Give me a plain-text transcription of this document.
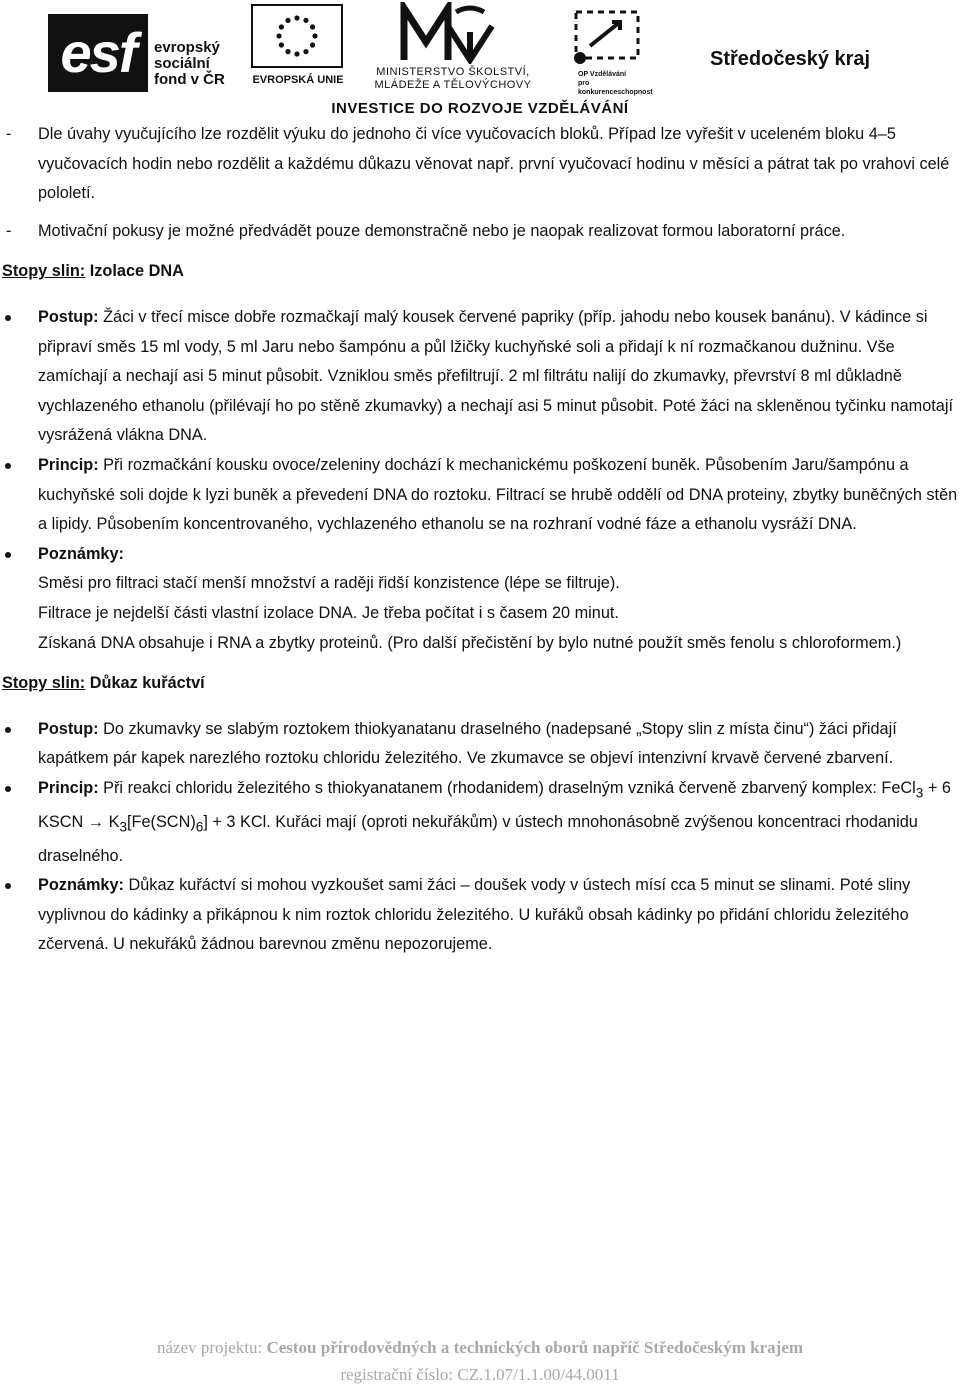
esf	evropský
sociální
fond v ČR	EVROPSKÁ UNIE
MINISTERSTVO ŠKOLSTVÍ,
MLÁDEŽE A TĚLOVÝCHOVY
OP Vzdělávání
pro konkurenceschopnost
Středočeský kraj
INVESTICE DO ROZVOJE VZDĚLÁVÁNÍ
- Dle úvahy vyučujícího lze rozdělit výuku do jednoho či více vyučovacích bloků. Případ lze vyřešit v uceleném bloku 4–5 vyučovacích hodin nebo rozdělit a každému důkazu věnovat např. první vyučovací hodinu v měsíci a pátrat tak po vrahovi celé pololetí.
- Motivační pokusy je možné předvádět pouze demonstračně nebo je naopak realizovat formou laboratorní práce.
Stopy slin: Izolace DNA
Postup: Žáci v třecí misce dobře rozmačkají malý kousek červené papriky (příp. jahodu nebo kousek banánu). V kádince si připraví směs 15 ml vody, 5 ml Jaru nebo šampónu a půl lžičky kuchyňské soli a přidají k ní rozmačkanou dužninu. Vše zamíchají a nechají asi 5 minut působit. Vzniklou směs přefiltrují. 2 ml filtrátu nalijí do zkumavky, převrství 8 ml důkladně vychlazeného ethanolu (přilévají ho po stěně zkumavky) a nechají asi 5 minut působit. Poté žáci na skleněnou tyčinku namotají vysrážená vlákna DNA.
Princip: Při rozmačkání kousku ovoce/zeleniny dochází k mechanickému poškození buněk. Působením Jaru/šampónu a kuchyňské soli dojde k lyzi buněk a převedení DNA do roztoku. Filtrací se hrubě oddělí od DNA proteiny, zbytky buněčných stěn a lipidy. Působením koncentrovaného, vychlazeného ethanolu se na rozhraní vodné fáze a ethanolu vysráží DNA.
Poznámky:
Směsi pro filtraci stačí menší množství a raději řidší konzistence (lépe se filtruje).
Filtrace je nejdelší části vlastní izolace DNA. Je třeba počítat i s časem 20 minut.
Získaná DNA obsahuje i RNA a zbytky proteinů. (Pro další přečistění by bylo nutné použít směs fenolu s chloroformem.)
Stopy slin: Důkaz kuřáctví
Postup: Do zkumavky se slabým roztokem thiokyanatanu draselného (nadepsané „Stopy slin z místa činu“) žáci přidají kapátkem pár kapek narezlého roztoku chloridu železitého. Ve zkumavce se objeví intenzivní krvavě červené zbarvení.
Princip: Při reakci chloridu železitého s thiokyanatanem (rhodanidem) draselným vzniká červeně zbarvený komplex: FeCl$_3$ + 6 KSCN → $K_3[Fe(SCN)_6] + 3$ KCl. Kuřáci mají (oproti nekuřákům) v ústech mnohonásobně zvýšenou koncentraci rhodanidu draselného.
Poznámky: Důkaz kuřáctví si mohou vyzkoušet sami žáci – doušek vody v ústech mísí cca 5 minut se slinami. Poté sliny vyplivnou do kádinky a přikápnou k nim roztok chloridu železitého. U kuřáků obsah kádinky po přidání chloridu železitého zčervená. U nekuřáků žádnou barevnou změnu nepozorujeme.
název projektu: Cestou přírodovědných a technických oborů napříč Středočeským krajem
registrační číslo: CZ.1.07/1.1.00/44.0011
